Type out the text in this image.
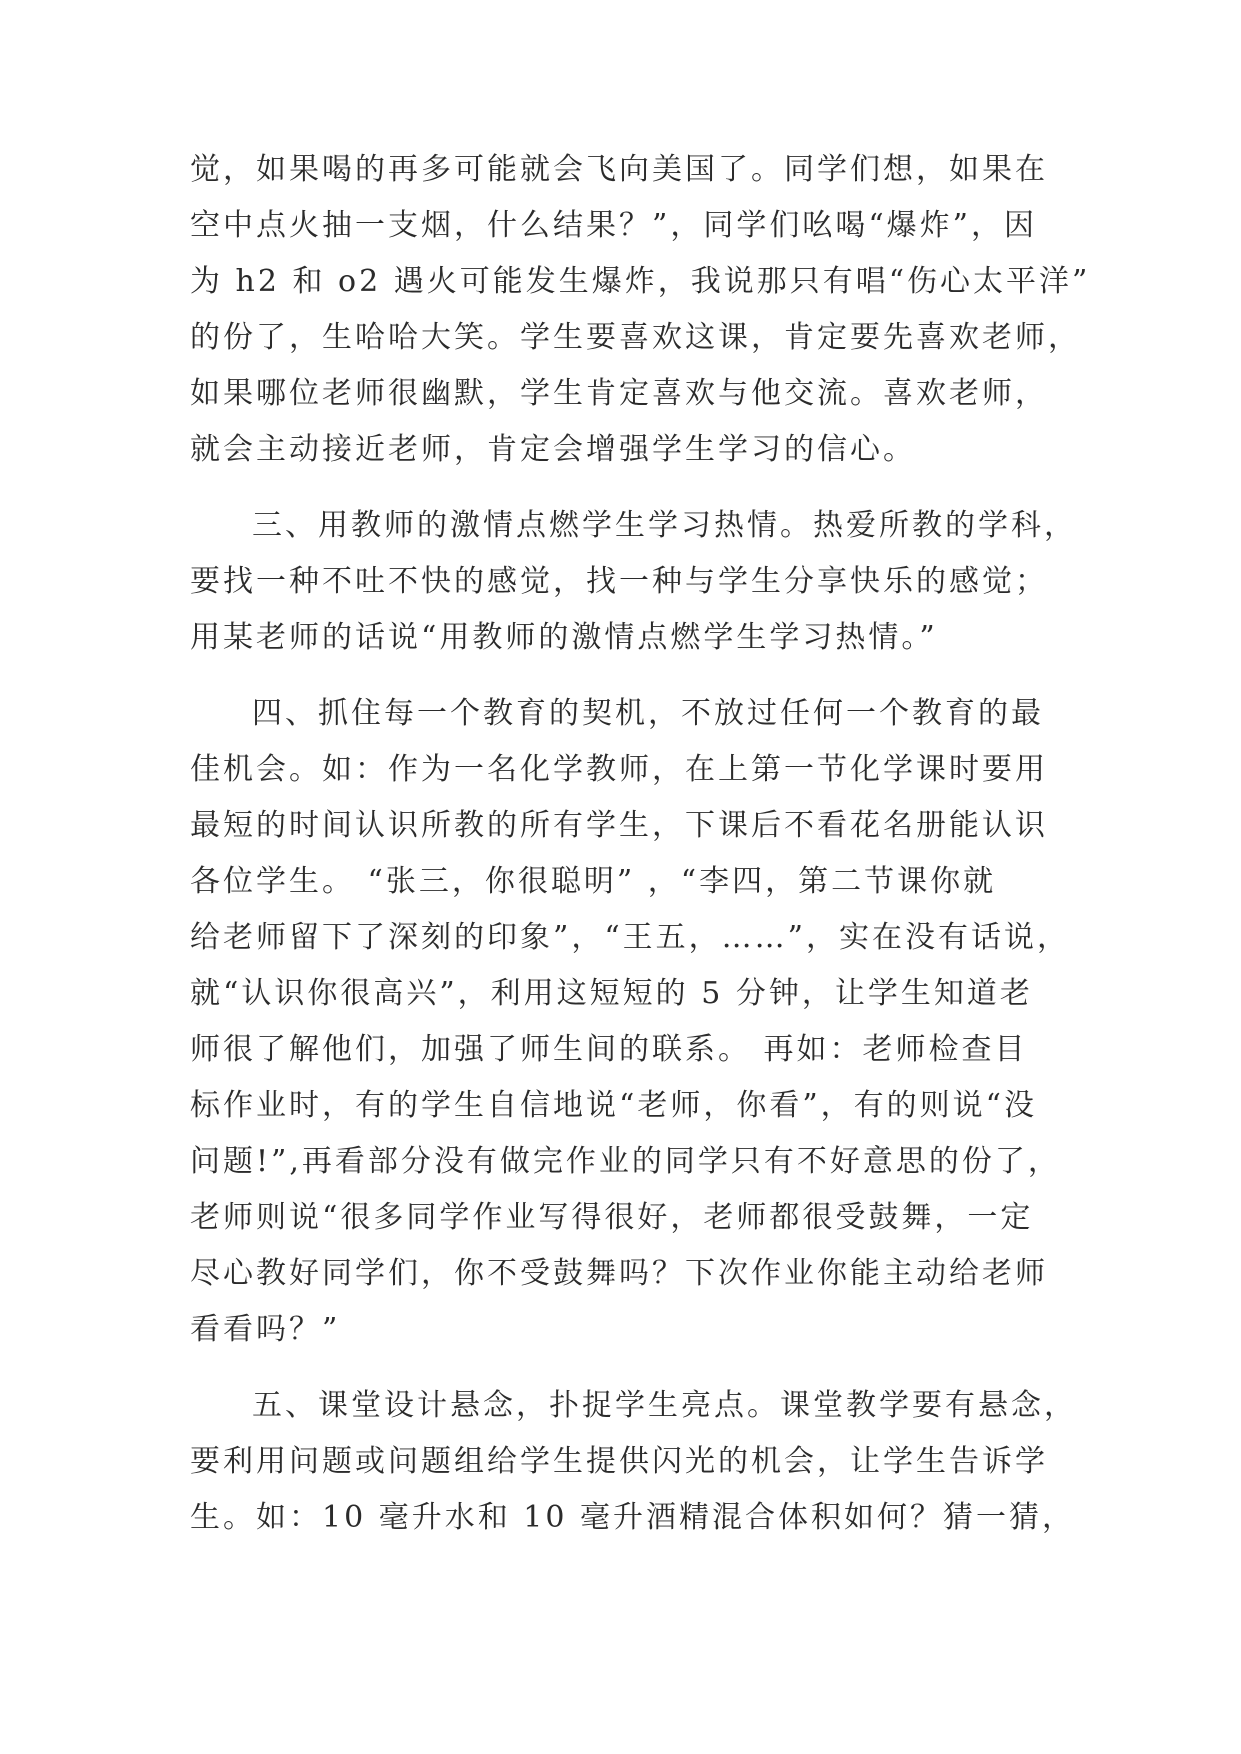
觉，如果喝的再多可能就会飞向美国了。同学们想，如果在
空中点火抽一支烟，什么结果？”，同学们吆喝“爆炸”，因
为 h2 和 o2 遇火可能发生爆炸，我说那只有唱“伤心太平洋”
的份了，生哈哈大笑。学生要喜欢这课，肯定要先喜欢老师，
如果哪位老师很幽默，学生肯定喜欢与他交流。喜欢老师，
就会主动接近老师，肯定会增强学生学习的信心。
三、用教师的激情点燃学生学习热情。热爱所教的学科，
要找一种不吐不快的感觉，找一种与学生分享快乐的感觉；
用某老师的话说“用教师的激情点燃学生学习热情。”
四、抓住每一个教育的契机，不放过任何一个教育的最
佳机会。如：作为一名化学教师，在上第一节化学课时要用
最短的时间认识所教的所有学生，下课后不看花名册能认识
各位学生。 “张三，你很聪明” ，“李四，第二节课你就
给老师留下了深刻的印象”，“王五，……”，实在没有话说，
就“认识你很高兴”，利用这短短的 5 分钟，让学生知道老
师很了解他们，加强了师生间的联系。 再如：老师检查目
标作业时，有的学生自信地说“老师，你看”，有的则说“没
问题!”,再看部分没有做完作业的同学只有不好意思的份了，
老师则说“很多同学作业写得很好，老师都很受鼓舞，一定
尽心教好同学们，你不受鼓舞吗？下次作业你能主动给老师
看看吗？”
五、课堂设计悬念，扑捉学生亮点。课堂教学要有悬念，
要利用问题或问题组给学生提供闪光的机会，让学生告诉学
生。如：10 毫升水和 10 毫升酒精混合体积如何？猜一猜，
